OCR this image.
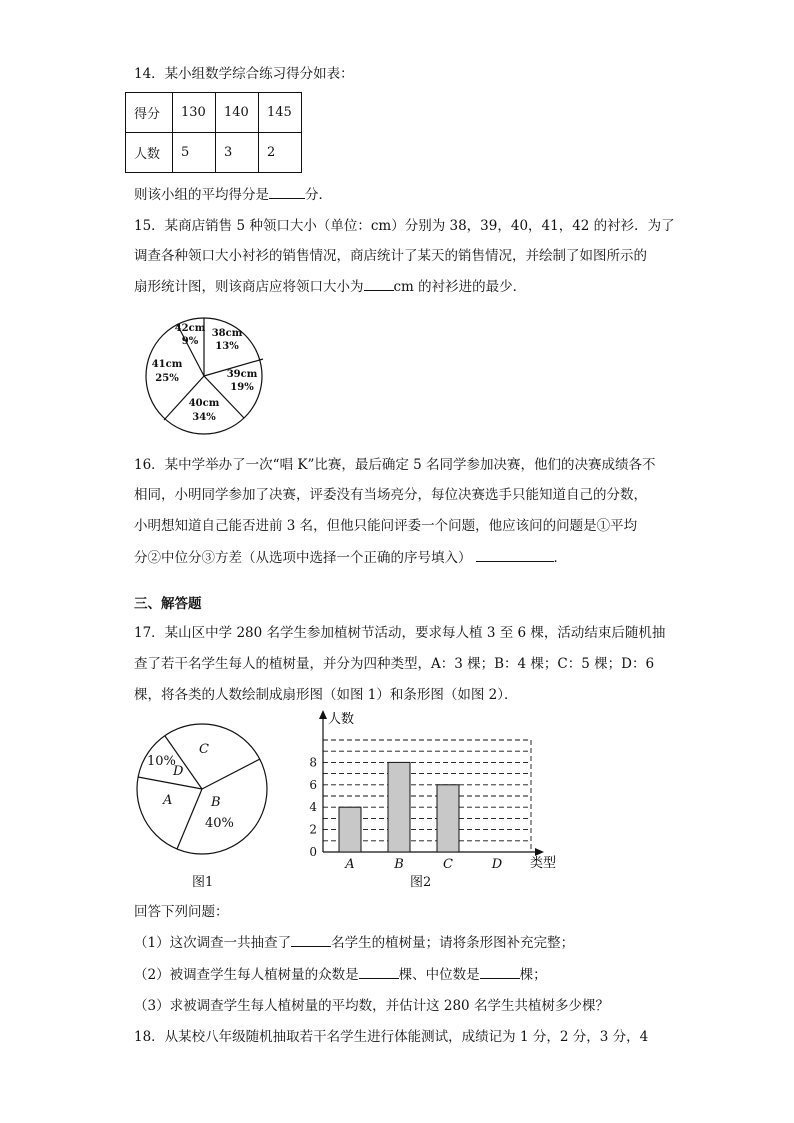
14．某小组数学综合练习得分如表：
得分	130	140	145
人数	5	3	2
则该小组的平均得分是	分．
15．某商店销售 5 种领口大小（单位：cm）分别为 38，39，40，41，42 的衬衫．为了
调查各种领口大小衬衫的销售情况，商店统计了某天的销售情况，并绘制了如图所示的
扇形统计图，则该商店应将领口大小为 cm 的衬衫进的最少．
38cm
13%
39cm
19%
40cm
34%
41cm
25%
42cm
9%
16．某中学举办了一次“唱 K”比赛，最后确定 5 名同学参加决赛，他们的决赛成绩各不
相同，小明同学参加了决赛，评委没有当场亮分，每位决赛选手只能知道自己的分数，
小明想知道自己能否进前 3 名，但他只能问评委一个问题，他应该问的问题是①平均
分②中位分③方差（从选项中选择一个正确的序号填入）	．
三、解答题
17．某山区中学 280 名学生参加植树节活动，要求每人植 3 至 6 棵，活动结束后随机抽
查了若干名学生每人的植树量，并分为四种类型，A：3 棵；B：4 棵；C：5 棵；D：6
棵，将各类的人数绘制成扇形图（如图 1）和条形图（如图 2）．
C
10%
D
A	B
40%
图1
人数
类型
0
2
4
6
8
A	B	C	D
图2
回答下列问题：
（1）这次调查一共抽查了	名学生的植树量；请将条形图补充完整；
（2）被调查学生每人植树量的众数是	棵、中位数是	棵；
（3）求被调查学生每人植树量的平均数，并估计这 280 名学生共植树多少棵？
18．从某校八年级随机抽取若干名学生进行体能测试，成绩记为 1 分，2 分，3 分，4
